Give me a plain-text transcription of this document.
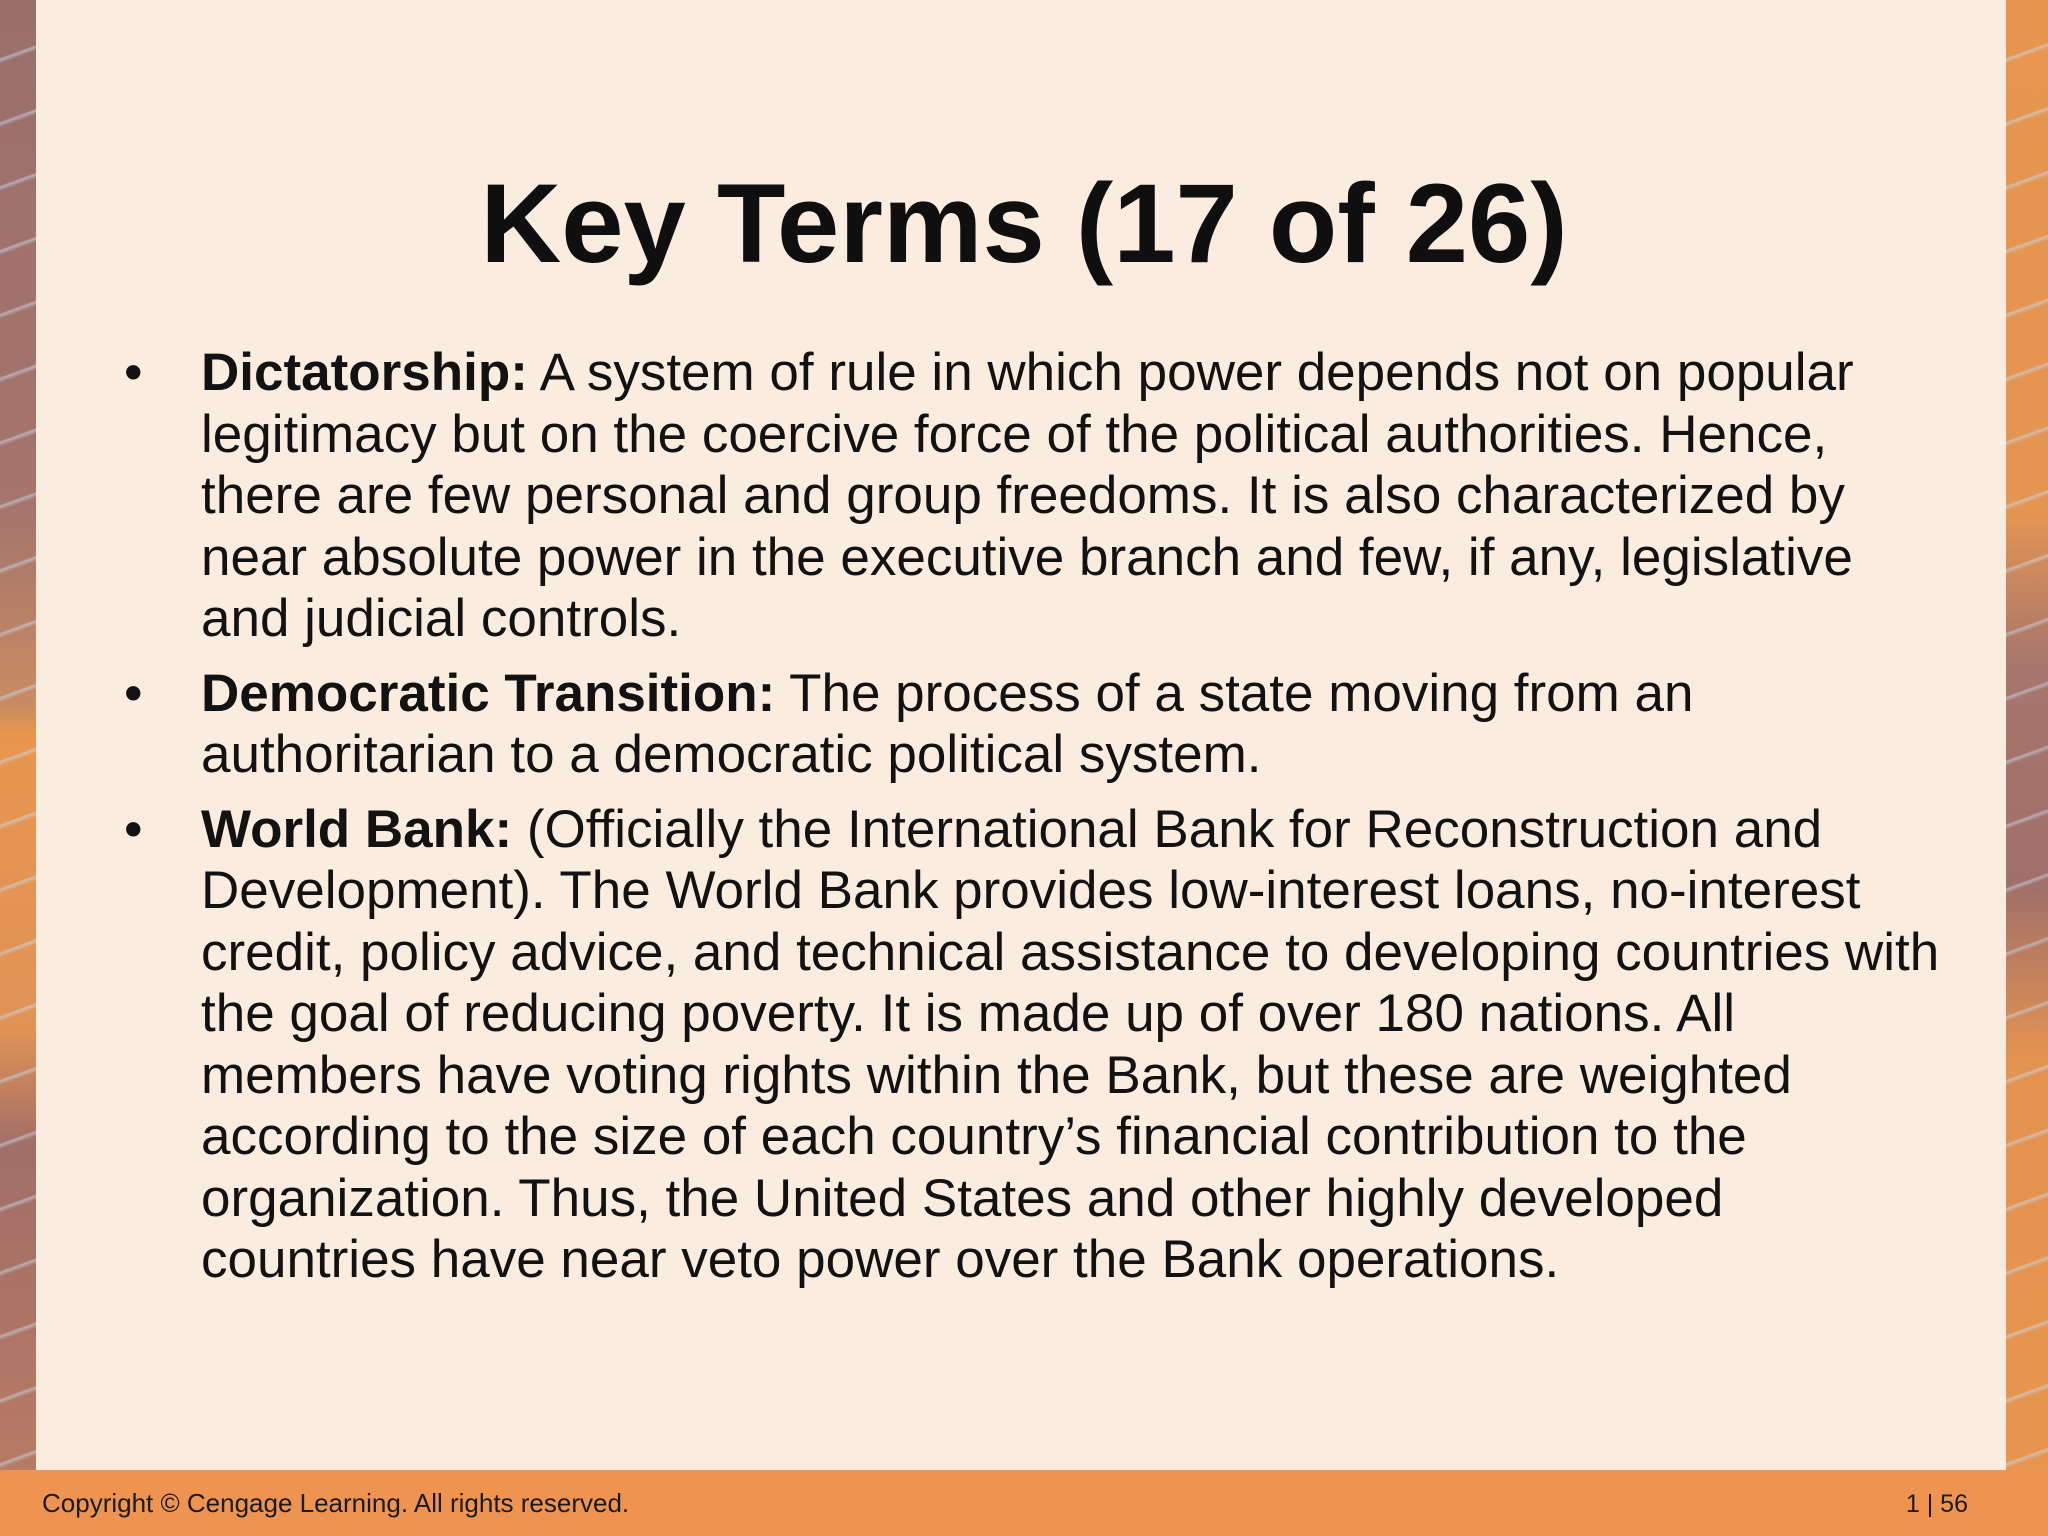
Key Terms (17 of 26)
• Dictatorship: A system of rule in which power depends not on popular legitimacy but on the coercive force of the political authorities. Hence, there are few personal and group freedoms. It is also characterized by near absolute power in the executive branch and few, if any, legislative and judicial controls.
• Democratic Transition: The process of a state moving from an authoritarian to a democratic political system.
• World Bank: (Officially the International Bank for Reconstruction and Development). The World Bank provides low-interest loans, no-interest credit, policy advice, and technical assistance to developing countries with the goal of reducing poverty. It is made up of over 180 nations. All members have voting rights within the Bank, but these are weighted according to the size of each country’s financial contribution to the organization. Thus, the United States and other highly developed countries have near veto power over the Bank operations.
Copyright © Cengage Learning. All rights reserved.	1 | 56
